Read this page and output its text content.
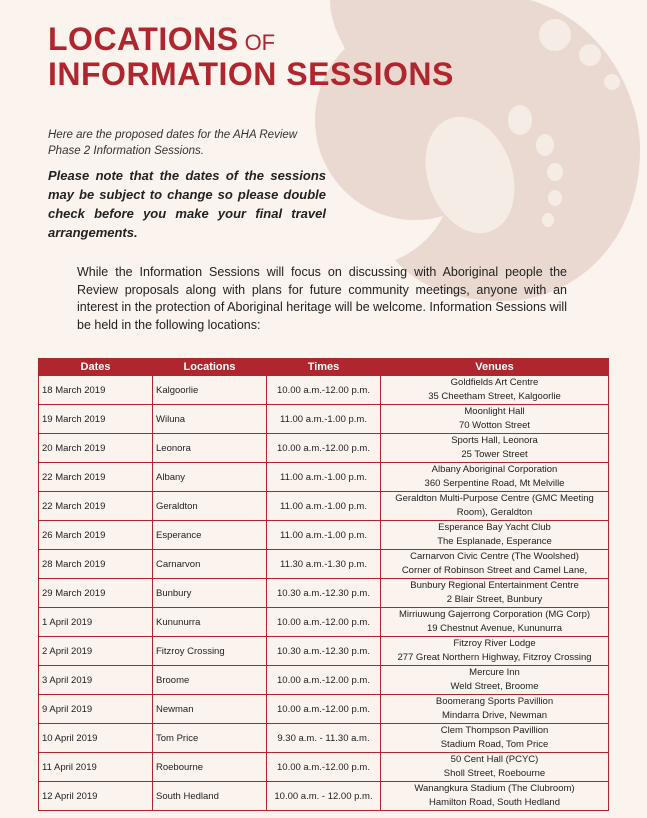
LOCATIONS OF
INFORMATION SESSIONS
Here are the proposed dates for the AHA Review Phase 2 Information Sessions.
Please note that the dates of the sessions may be subject to change so please double check before you make your final travel arrangements.
While the Information Sessions will focus on discussing with Aboriginal people the Review proposals along with plans for future community meetings, anyone with an interest in the protection of Aboriginal heritage will be welcome. Information Sessions will be held in the following locations:
Dates	Locations	Times	Venues
18 March 2019	Kalgoorlie	10.00 a.m.-12.00 p.m.	Goldfields Art Centre
35 Cheetham Street, Kalgoorlie

19 March 2019	Wiluna	11.00 a.m.-1.00 p.m.	Moonlight Hall
70 Wotton Street

20 March 2019	Leonora	10.00 a.m.-12.00 p.m.	Sports Hall, Leonora
25 Tower Street

22 March 2019	Albany	11.00 a.m.-1.00 p.m.	Albany Aboriginal Corporation
360 Serpentine Road, Mt Melville

22 March 2019	Geraldton	11.00 a.m.-1.00 p.m.	Geraldton Multi-Purpose Centre (GMC Meeting
Room), Geraldton

26 March 2019	Esperance	11.00 a.m.-1.00 p.m.	Esperance Bay Yacht Club
The Esplanade, Esperance

28 March 2019	Carnarvon	11.30 a.m.-1.30 p.m.	Carnarvon Civic Centre (The Woolshed)
Corner of Robinson Street and Camel Lane,

29 March 2019	Bunbury	10.30 a.m.-12.30 p.m.	Bunbury Regional Entertainment Centre
2 Blair Street, Bunbury

1 April 2019	Kununurra	10.00 a.m.-12.00 p.m.	Mirriuwung Gajerrong Corporation (MG Corp)
19 Chestnut Avenue, Kununurra

2 April 2019	Fitzroy Crossing	10.30 a.m.-12.30 p.m.	Fitzroy River Lodge
277 Great Northern Highway, Fitzroy Crossing

3 April 2019	Broome	10.00 a.m.-12.00 p.m.	Mercure Inn
Weld Street, Broome

9 April 2019	Newman	10.00 a.m.-12.00 p.m.	Boomerang Sports Pavillion
Mindarra Drive, Newman

10 April 2019	Tom Price	9.30 a.m. - 11.30 a.m.	Clem Thompson Pavillion
Stadium Road, Tom Price

11 April 2019	Roebourne	10.00 a.m.-12.00 p.m.	50 Cent Hall (PCYC)
Sholl Street, Roebourne

12 April 2019	South Hedland	10.00 a.m. - 12.00 p.m.	Wanangkura Stadium (The Clubroom)
Hamilton Road, South Hedland
